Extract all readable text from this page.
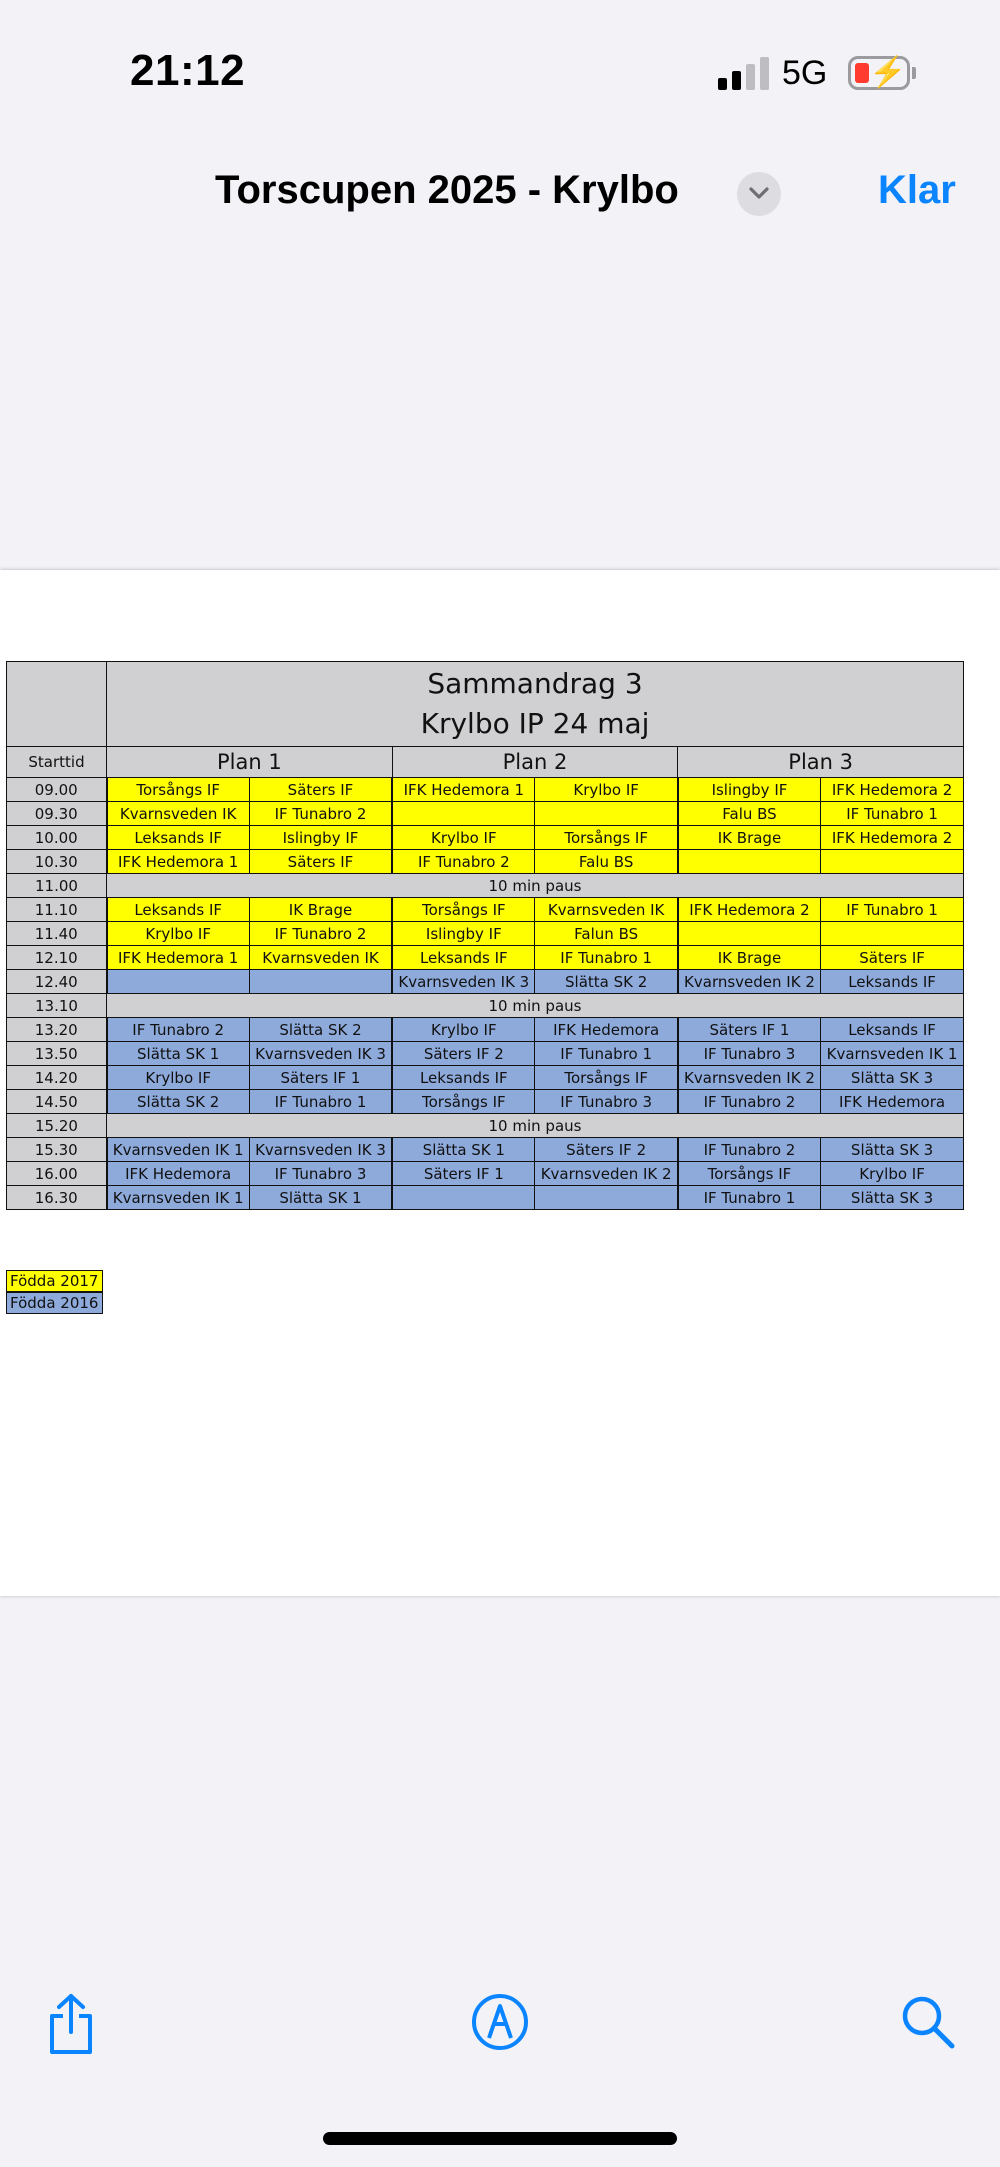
21:12	5G ⚡
Torscupen 2025 - Krylbo	Klar

	Sammandrag 3
Krylbo IP 24 maj					

Starttid	Plan 1		Plan 2		Plan 3	
09.00	Torsångs IF	Säters IF	IFK Hedemora 1	Krylbo IF	Islingby IF	IFK Hedemora 2
09.30	Kvarnsveden IK	IF Tunabro 2			Falu BS	IF Tunabro 1
10.00	Leksands IF	Islingby IF	Krylbo IF	Torsångs IF	IK Brage	IFK Hedemora 2
10.30	IFK Hedemora 1	Säters IF	IF Tunabro 2	Falu BS		
11.00	10 min paus					
11.10	Leksands IF	IK Brage	Torsångs IF	Kvarnsveden IK	IFK Hedemora 2	IF Tunabro 1
11.40	Krylbo IF	IF Tunabro 2	Islingby IF	Falun BS		
12.10	IFK Hedemora 1	Kvarnsveden IK	Leksands IF	IF Tunabro 1	IK Brage	Säters IF
12.40			Kvarnsveden IK 3	Slätta SK 2	Kvarnsveden IK 2	Leksands IF
13.10	10 min paus					
13.20	IF Tunabro 2	Slätta SK 2	Krylbo IF	IFK Hedemora	Säters IF 1	Leksands IF
13.50	Slätta SK 1	Kvarnsveden IK 3	Säters IF 2	IF Tunabro 1	IF Tunabro 3	Kvarnsveden IK 1
14.20	Krylbo IF	Säters IF 1	Leksands IF	Torsångs IF	Kvarnsveden IK 2	Slätta SK 3
14.50	Slätta SK 2	IF Tunabro 1	Torsångs IF	IF Tunabro 3	IF Tunabro 2	IFK Hedemora
15.20	10 min paus					
15.30	Kvarnsveden IK 1	Kvarnsveden IK 3	Slätta SK 1	Säters IF 2	IF Tunabro 2	Slätta SK 3
16.00	IFK Hedemora	IF Tunabro 3	Säters IF 1	Kvarnsveden IK 2	Torsångs IF	Krylbo IF
16.30	Kvarnsveden IK 1	Slätta SK 1			IF Tunabro 1	Slätta SK 3
Födda 2017
Födda 2016
